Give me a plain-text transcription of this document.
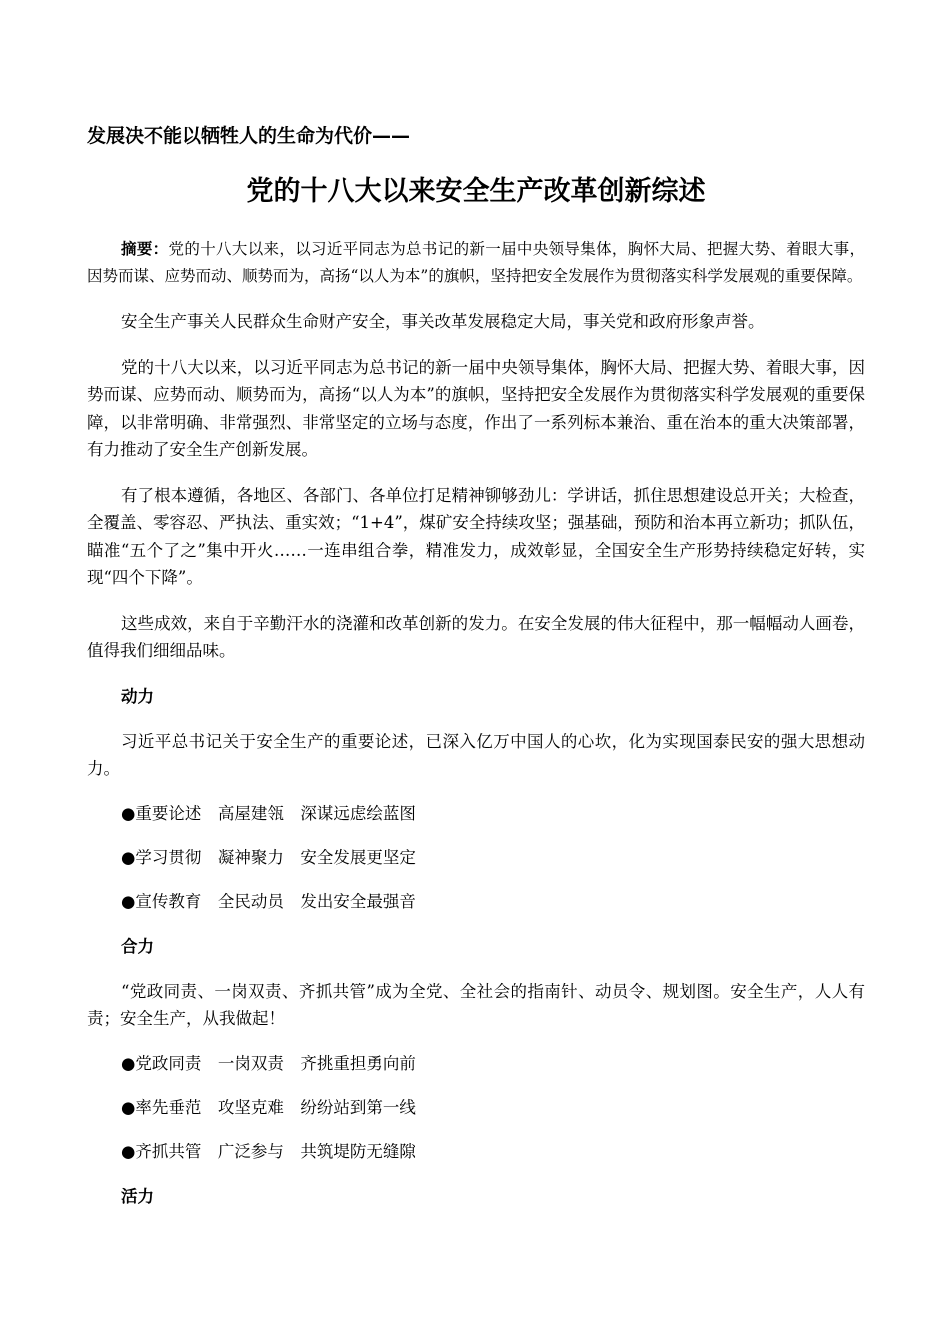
发展决不能以牺牲人的生命为代价——

党的十八大以来安全生产改革创新综述

摘要：党的十八大以来，以习近平同志为总书记的新一届中央领导集体，胸怀大局、把握大势、着眼大事，因势而谋、应势而动、顺势而为，高扬“以人为本”的旗帜，坚持把安全发展作为贯彻落实科学发展观的重要保障。

安全生产事关人民群众生命财产安全，事关改革发展稳定大局，事关党和政府形象声誉。

党的十八大以来，以习近平同志为总书记的新一届中央领导集体，胸怀大局、把握大势、着眼大事，因势而谋、应势而动、顺势而为，高扬“以人为本”的旗帜，坚持把安全发展作为贯彻落实科学发展观的重要保障，以非常明确、非常强烈、非常坚定的立场与态度，作出了一系列标本兼治、重在治本的重大决策部署，有力推动了安全生产创新发展。

有了根本遵循，各地区、各部门、各单位打足精神铆够劲儿：学讲话，抓住思想建设总开关；大检查，全覆盖、零容忍、严执法、重实效；“1+4”，煤矿安全持续攻坚；强基础，预防和治本再立新功；抓队伍，瞄准“五个了之”集中开火……一连串组合拳，精准发力，成效彰显，全国安全生产形势持续稳定好转，实现“四个下降”。

这些成效，来自于辛勤汗水的浇灌和改革创新的发力。在安全发展的伟大征程中，那一幅幅动人画卷，值得我们细细品味。

动力

习近平总书记关于安全生产的重要论述，已深入亿万中国人的心坎，化为实现国泰民安的强大思想动力。

●重要论述　高屋建瓴　深谋远虑绘蓝图

●学习贯彻　凝神聚力　安全发展更坚定

●宣传教育　全民动员　发出安全最强音

合力

“党政同责、一岗双责、齐抓共管”成为全党、全社会的指南针、动员令、规划图。安全生产，人人有责；安全生产，从我做起！

●党政同责　一岗双责　齐挑重担勇向前

●率先垂范　攻坚克难　纷纷站到第一线

●齐抓共管　广泛参与　共筑堤防无缝隙

活力
